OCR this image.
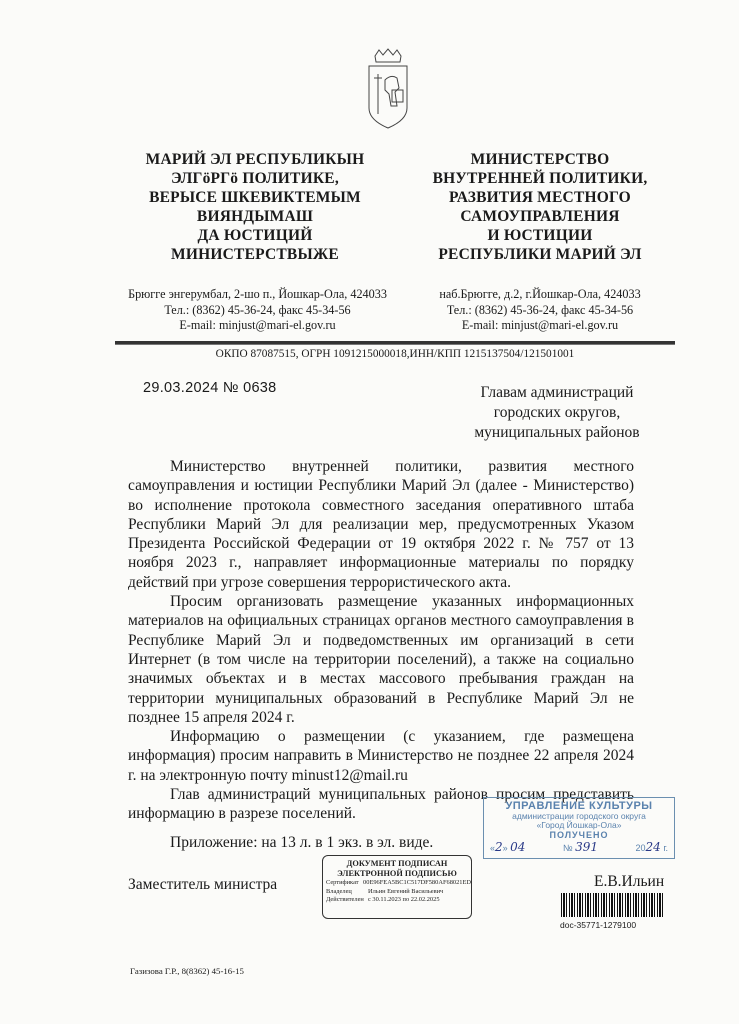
МАРИЙ ЭЛ РЕСПУБЛИКЫН
ЭЛГӧРГӧ ПОЛИТИКЕ,
ВЕРЫСЕ ШКЕВИКТЕМЫМ
ВИЯНДЫМАШ
ДА ЮСТИЦИЙ
МИНИСТЕРСТВЫЖЕ
МИНИСТЕРСТВО
ВНУТРЕННЕЙ ПОЛИТИКИ,
РАЗВИТИЯ МЕСТНОГО
САМОУПРАВЛЕНИЯ
И ЮСТИЦИИ
РЕСПУБЛИКИ МАРИЙ ЭЛ
Брюгге энгерумбал, 2-шо п., Йошкар-Ола, 424033
Тел.: (8362) 45-36-24, факс 45-34-56
E-mail: minjust@mari-el.gov.ru
наб.Брюгге, д.2, г.Йошкар-Ола, 424033
Тел.: (8362) 45-36-24, факс 45-34-56
E-mail: minjust@mari-el.gov.ru
ОКПО 87087515, ОГРН 1091215000018,ИНН/КПП 1215137504/121501001
29.03.2024 № 0638	Главам администраций
городских округов,
муниципальных районов

Министерство внутренней политики, развития местного самоуправления и юстиции Республики Марий Эл (далее - Министерство) во исполнение протокола совместного заседания оперативного штаба Республики Марий Эл для реализации мер, предусмотренных Указом Президента Российской Федерации от 19 октября 2022 г. № 757 от 13 ноября 2023 г., направляет информационные материалы по порядку действий при угрозе совершения террористического акта.

Просим организовать размещение указанных информационных материалов на официальных страницах органов местного самоуправления в Республике Марий Эл и подведомственных им организаций в сети Интернет (в том числе на территории поселений), а также на социально значимых объектах и в местах массового пребывания граждан на территории муниципальных образований в Республике Марий Эл не позднее 15 апреля 2024 г.

Информацию о размещении (с указанием, где размещена информация) просим направить в Министерство не позднее 22 апреля 2024 г. на электронную почту minust12@mail.ru

Глав администраций муниципальных районов просим представить информацию в разрезе поселений.	УПРАВЛЕНИЕ КУЛЬТУРЫ
администрации городского округа
«Город Йошкар-Ола»
ПОЛУЧЕНО
«2» 04	№ 391	2024 г.
Приложение: на 13 л. в 1 экз. в эл. виде.
Заместитель министра
ДОКУМЕНТ ПОДПИСАН
ЭЛЕКТРОННОЙ ПОДПИСЬЮ
Сертификат 00E96FEA5BC1C517DF580AF68021ED
Владелец	Ильин Евгений Васильевич
Действителен с 30.11.2023 по 22.02.2025
Е.В.Ильин
doc-35771-1279100
Газизова Г.Р., 8(8362) 45-16-15
